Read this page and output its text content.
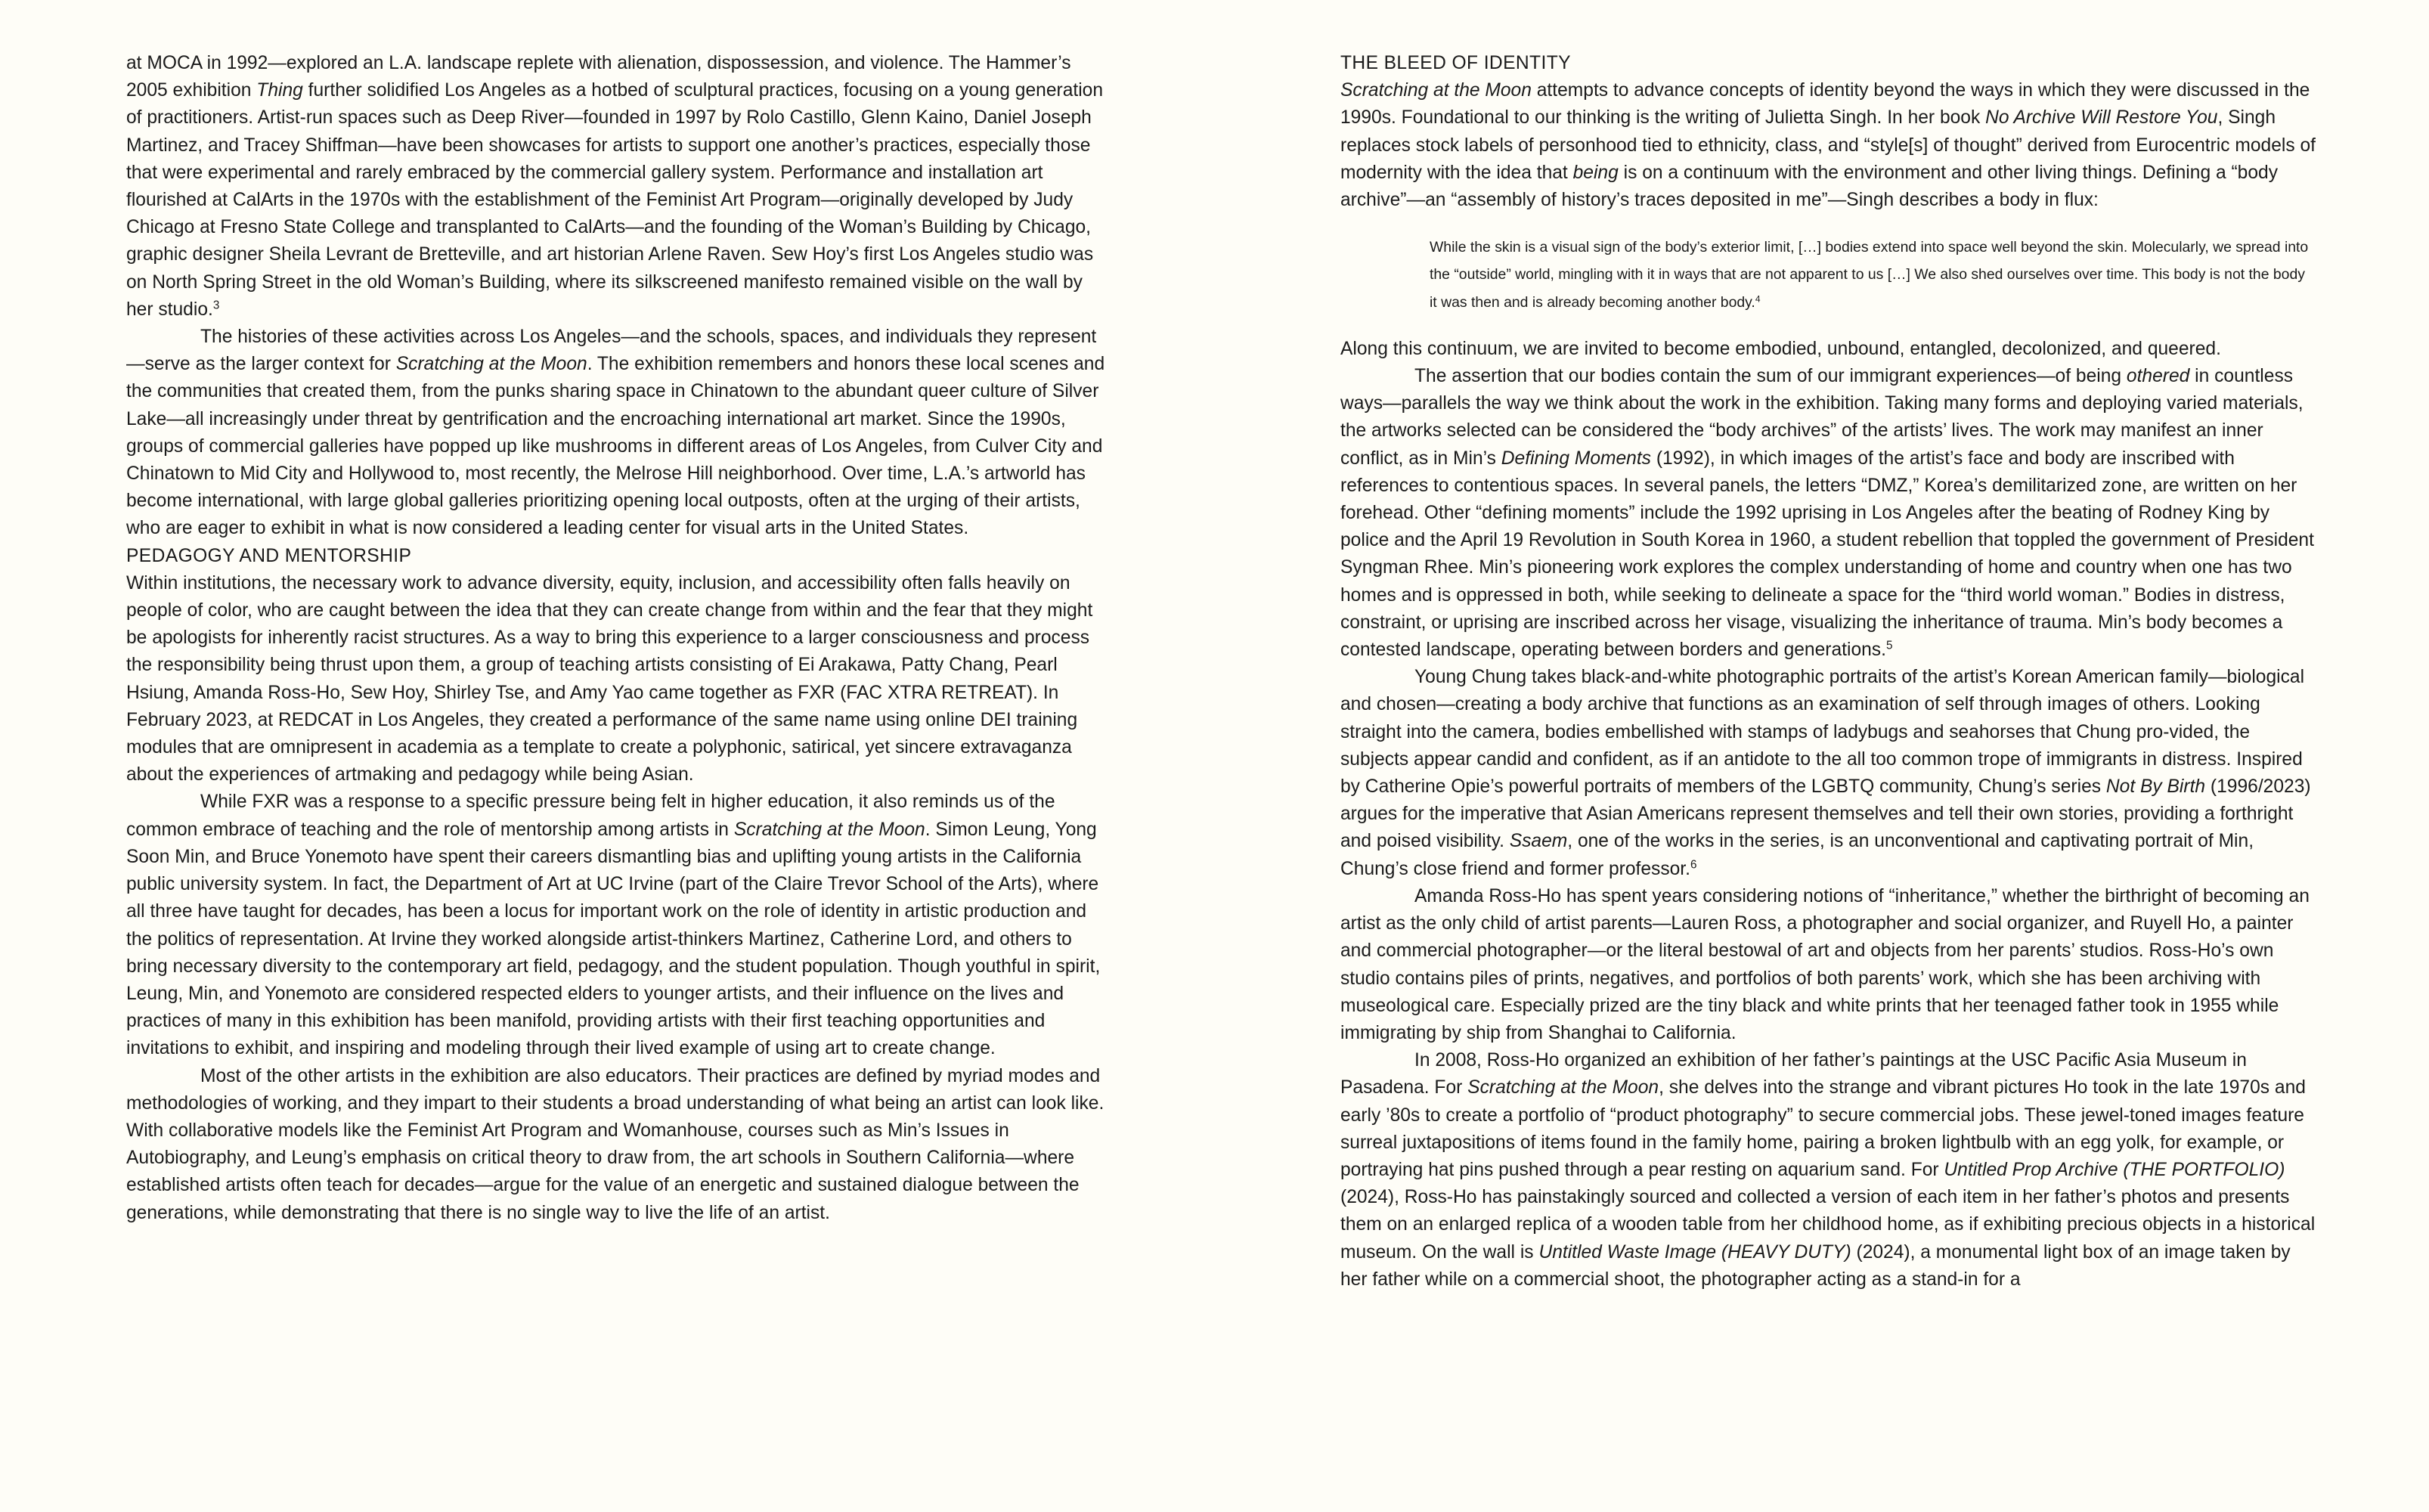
at MOCA in 1992—explored an L.A. landscape replete with alienation, dispossession, and violence. The Hammer’s 2005 exhibition Thing further solidified Los Angeles as a hotbed of sculptural practices, focusing on a young generation of practitioners. Artist-run spaces such as Deep River—founded in 1997 by Rolo Castillo, Glenn Kaino, Daniel Joseph Martinez, and Tracey Shiffman—have been showcases for artists to support one another’s practices, especially those that were experimental and rarely embraced by the commercial gallery system. Performance and installation art flourished at CalArts in the 1970s with the establishment of the Feminist Art Program—originally developed by Judy Chicago at Fresno State College and transplanted to CalArts—and the founding of the Woman’s Building by Chicago, graphic designer Sheila Levrant de Bretteville, and art historian Arlene Raven. Sew Hoy’s first Los Angeles studio was on North Spring Street in the old Woman’s Building, where its silkscreened manifesto remained visible on the wall by her studio.$^3$

The histories of these activities across Los Angeles—and the schools, spaces, and individuals they represent—serve as the larger context for Scratching at the Moon. The exhibition remembers and honors these local scenes and the communities that created them, from the punks sharing space in Chinatown to the abundant queer culture of Silver Lake—all increasingly under threat by gentrification and the encroaching international art market. Since the 1990s, groups of commercial galleries have popped up like mushrooms in different areas of Los Angeles, from Culver City and Chinatown to Mid City and Hollywood to, most recently, the Melrose Hill neighborhood. Over time, L.A.’s artworld has become international, with large global galleries prioritizing opening local outposts, often at the urging of their artists, who are eager to exhibit in what is now considered a leading center for visual arts in the United States.

PEDAGOGY AND MENTORSHIP

Within institutions, the necessary work to advance diversity, equity, inclusion, and accessibility often falls heavily on people of color, who are caught between the idea that they can create change from within and the fear that they might be apologists for inherently racist structures. As a way to bring this experience to a larger consciousness and process the responsibility being thrust upon them, a group of teaching artists consisting of Ei Arakawa, Patty Chang, Pearl Hsiung, Amanda Ross-Ho, Sew Hoy, Shirley Tse, and Amy Yao came together as FXR (FAC XTRA RETREAT). In February 2023, at REDCAT in Los Angeles, they created a performance of the same name using online DEI training modules that are omnipresent in academia as a template to create a polyphonic, satirical, yet sincere extravaganza about the experiences of artmaking and pedagogy while being Asian.

While FXR was a response to a specific pressure being felt in higher education, it also reminds us of the common embrace of teaching and the role of mentorship among artists in Scratching at the Moon. Simon Leung, Yong Soon Min, and Bruce Yonemoto have spent their careers dismantling bias and uplifting young artists in the California public university system. In fact, the Department of Art at UC Irvine (part of the Claire Trevor School of the Arts), where all three have taught for decades, has been a locus for important work on the role of identity in artistic production and the politics of representation. At Irvine they worked alongside artist-thinkers Martinez, Catherine Lord, and others to bring necessary diversity to the contemporary art field, pedagogy, and the student population. Though youthful in spirit, Leung, Min, and Yonemoto are considered respected elders to younger artists, and their influence on the lives and practices of many in this exhibition has been manifold, providing artists with their first teaching opportunities and invitations to exhibit, and inspiring and modeling through their lived example of using art to create change.

Most of the other artists in the exhibition are also educators. Their practices are defined by myriad modes and methodologies of working, and they impart to their students a broad understanding of what being an artist can look like. With collaborative models like the Feminist Art Program and Womanhouse, courses such as Min’s Issues in Autobiography, and Leung’s emphasis on critical theory to draw from, the art schools in Southern California—where established artists often teach for decades—argue for the value of an energetic and sustained dialogue between the generations, while demonstrating that there is no single way to live the life of an artist.

THE BLEED OF IDENTITY

Scratching at the Moon attempts to advance concepts of identity beyond the ways in which they were discussed in the 1990s. Foundational to our thinking is the writing of Julietta Singh. In her book No Archive Will Restore You, Singh replaces stock labels of personhood tied to ethnicity, class, and “style[s] of thought” derived from Eurocentric models of modernity with the idea that being is on a continuum with the environment and other living things. Defining a “body archive”—an “assembly of history’s traces deposited in me”—Singh describes a body in flux:

While the skin is a visual sign of the body’s exterior limit, […] bodies extend into space well beyond the skin. Molecularly, we spread into the “outside” world, mingling with it in ways that are not apparent to us […] We also shed ourselves over time. This body is not the body it was then and is already becoming another body.$^4$

Along this continuum, we are invited to become embodied, unbound, entangled, decolonized, and queered.

The assertion that our bodies contain the sum of our immigrant experiences—of being othered in countless ways—parallels the way we think about the work in the exhibition. Taking many forms and deploying varied materials, the artworks selected can be considered the “body archives” of the artists’ lives. The work may manifest an inner conflict, as in Min’s Defining Moments (1992), in which images of the artist’s face and body are inscribed with references to contentious spaces. In several panels, the letters “DMZ,” Korea’s demilitarized zone, are written on her forehead. Other “defining moments” include the 1992 uprising in Los Angeles after the beating of Rodney King by police and the April 19 Revolution in South Korea in 1960, a student rebellion that toppled the government of President Syngman Rhee. Min’s pioneering work explores the complex understanding of home and country when one has two homes and is oppressed in both, while seeking to delineate a space for the “third world woman.” Bodies in distress, constraint, or uprising are inscribed across her visage, visualizing the inheritance of trauma. Min’s body becomes a contested landscape, operating between borders and generations.$^5$

Young Chung takes black-and-white photographic portraits of the artist’s Korean American family—biological and chosen—creating a body archive that functions as an examination of self through images of others. Looking straight into the camera, bodies embellished with stamps of ladybugs and seahorses that Chung pro-vided, the subjects appear candid and confident, as if an antidote to the all too common trope of immigrants in distress. Inspired by Catherine Opie’s powerful portraits of members of the LGBTQ community, Chung’s series Not By Birth (1996/2023) argues for the imperative that Asian Americans represent themselves and tell their own stories, providing a forthright and poised visibility. Ssaem, one of the works in the series, is an unconventional and captivating portrait of Min, Chung’s close friend and former professor.$^6$

Amanda Ross-Ho has spent years considering notions of “inheritance,” whether the birthright of becoming an artist as the only child of artist parents—Lauren Ross, a photographer and social organizer, and Ruyell Ho, a painter and commercial photographer—or the literal bestowal of art and objects from her parents’ studios. Ross-Ho’s own studio contains piles of prints, negatives, and portfolios of both parents’ work, which she has been archiving with museological care. Especially prized are the tiny black and white prints that her teenaged father took in 1955 while immigrating by ship from Shanghai to California.

In 2008, Ross-Ho organized an exhibition of her father’s paintings at the USC Pacific Asia Museum in Pasadena. For Scratching at the Moon, she delves into the strange and vibrant pictures Ho took in the late 1970s and early ’80s to create a portfolio of “product photography” to secure commercial jobs. These jewel-toned images feature surreal juxtapositions of items found in the family home, pairing a broken lightbulb with an egg yolk, for example, or portraying hat pins pushed through a pear resting on aquarium sand. For Untitled Prop Archive (THE PORTFOLIO) (2024), Ross-Ho has painstakingly sourced and collected a version of each item in her father’s photos and presents them on an enlarged replica of a wooden table from her childhood home, as if exhibiting precious objects in a historical museum. On the wall is Untitled Waste Image (HEAVY DUTY) (2024), a monumental light box of an image taken by her father while on a commercial shoot, the photographer acting as a stand-in for a
